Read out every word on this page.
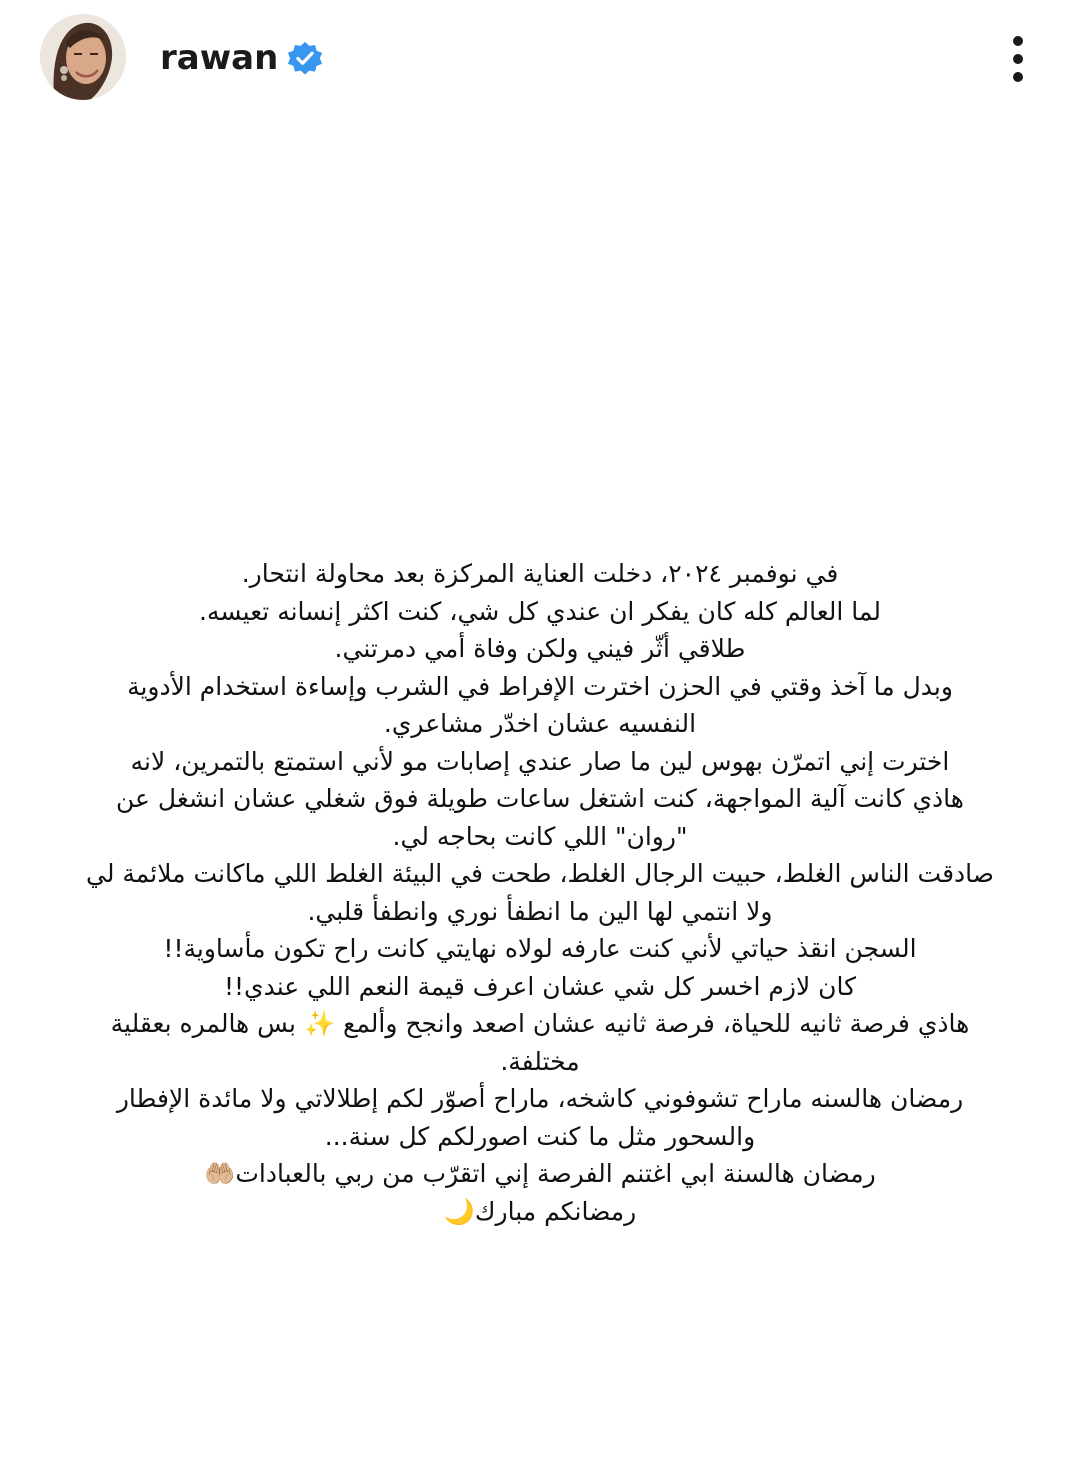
rawan
في نوفمبر ٢٠٢٤، دخلت العناية المركزة بعد محاولة انتحار.
لما العالم كله كان يفكر ان عندي كل شي، كنت اكثر إنسانه تعيسه.
طلاقي أثّر فيني ولكن وفاة أمي دمرتني.
وبدل ما آخذ وقتي في الحزن اخترت الإفراط في الشرب وإساءة استخدام الأدوية
النفسيه عشان اخدّر مشاعري.
اخترت إني اتمرّن بهوس لين ما صار عندي إصابات مو لأني استمتع بالتمرين، لانه
هاذي كانت آلية المواجهة، كنت اشتغل ساعات طويلة فوق شغلي عشان انشغل عن
"روان" اللي كانت بحاجه لي.
صادقت الناس الغلط، حبيت الرجال الغلط، طحت في البيئة الغلط اللي ماكانت ملائمة لي
ولا انتمي لها الين ما انطفأ نوري وانطفأ قلبي.
السجن انقذ حياتي لأني كنت عارفه لولاه نهايتي كانت راح تكون مأساوية!!
كان لازم اخسر كل شي عشان اعرف قيمة النعم اللي عندي!!
هاذي فرصة ثانيه للحياة، فرصة ثانيه عشان اصعد وانجح وألمع ✨ بس هالمره بعقلية
مختلفة.
رمضان هالسنه ماراح تشوفوني كاشخه، ماراح أصوّر لكم إطلالاتي ولا مائدة الإفطار
والسحور مثل ما كنت اصورلكم كل سنة...
رمضان هالسنة ابي اغتنم الفرصة إني اتقرّب من ربي بالعبادات🤲🏼
رمضانكم مبارك🌙
